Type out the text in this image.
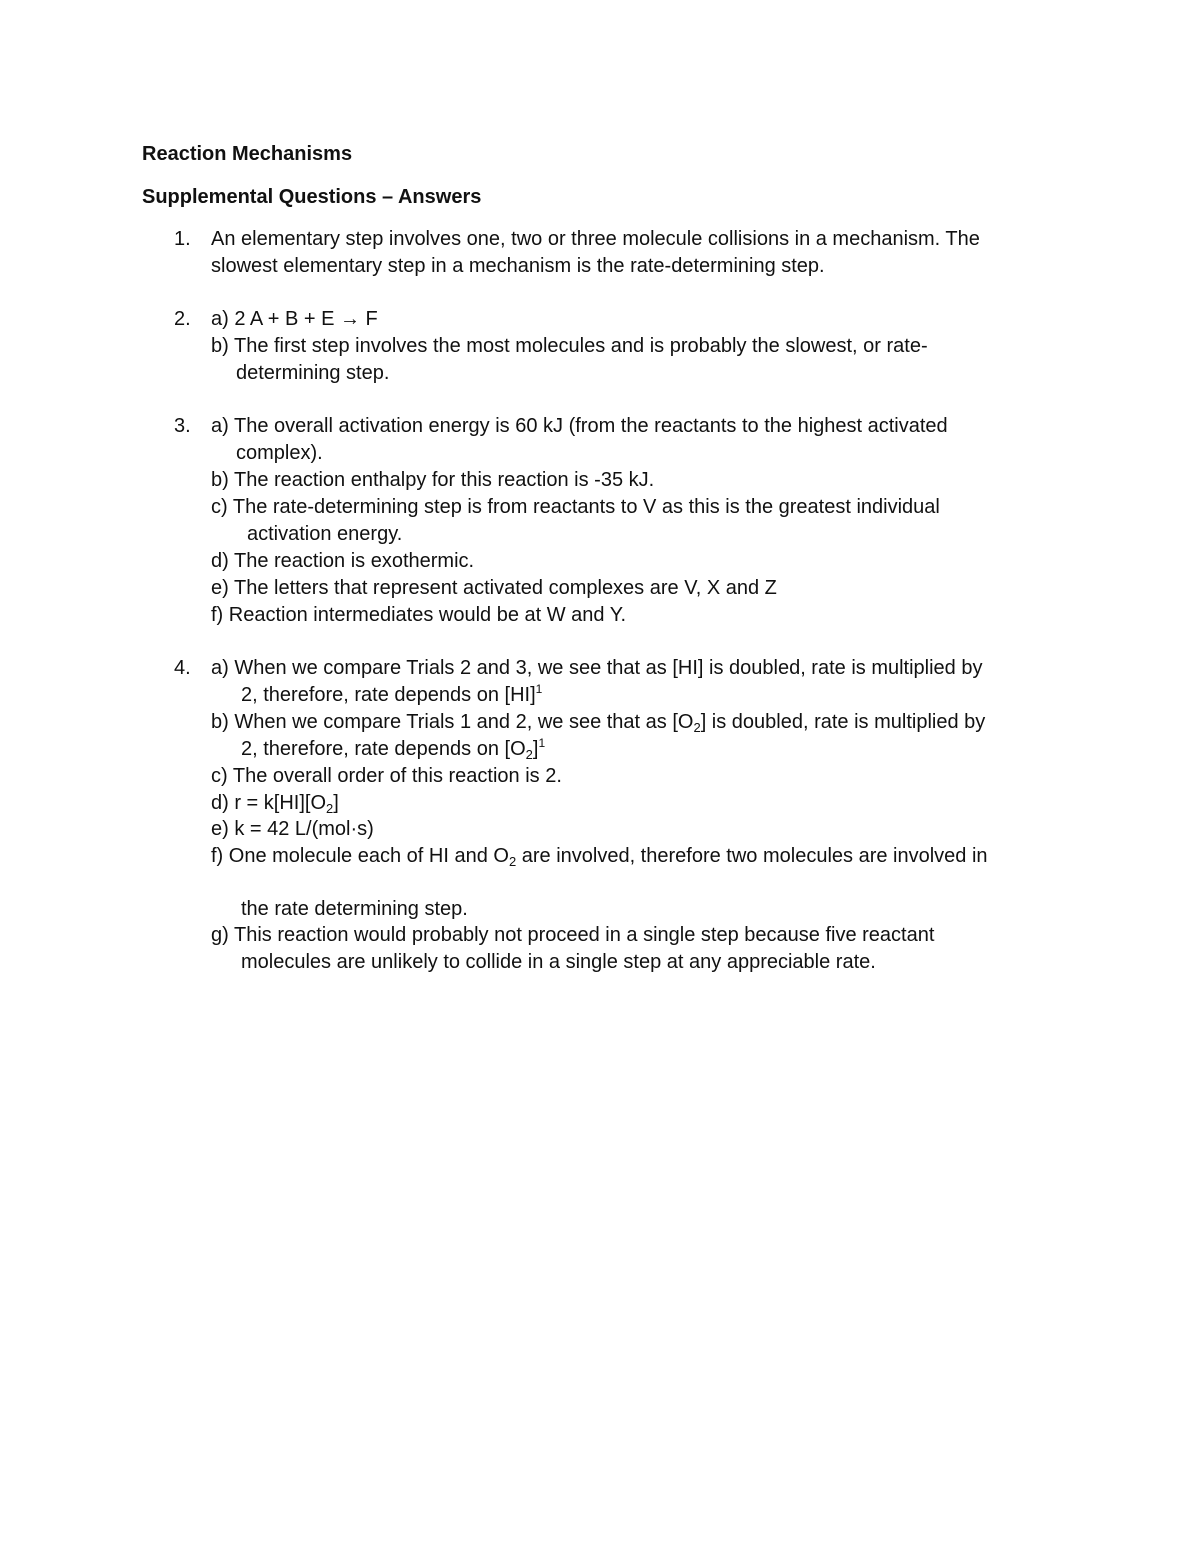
Reaction Mechanisms
Supplemental Questions – Answers
1. An elementary step involves one, two or three molecule collisions in a mechanism. The
slowest elementary step in a mechanism is the rate-determining step.
2. a) 2 A + B + E → F
b) The first step involves the most molecules and is probably the slowest, or rate-
determining step.
3. a) The overall activation energy is 60 kJ (from the reactants to the highest activated
complex).
b) The reaction enthalpy for this reaction is -35 kJ.
c) The rate-determining step is from reactants to V as this is the greatest individual
activation energy.
d) The reaction is exothermic.
e) The letters that represent activated complexes are V, X and Z
f) Reaction intermediates would be at W and Y.
4. a) When we compare Trials 2 and 3, we see that as [HI] is doubled, rate is multiplied by
2, therefore, rate depends on [HI]$^1$
b) When we compare Trials 1 and 2, we see that as $[O_2]$ is doubled, rate is multiplied by
2, therefore, rate depends on $[O_2]^1$
c) The overall order of this reaction is 2.
d) $r = k[HI][O_2]$
e) k = 42 L/(mol·s)
f) One molecule each of HI and $O_2$ are involved, therefore two molecules are involved in
the rate determining step.
g) This reaction would probably not proceed in a single step because five reactant
molecules are unlikely to collide in a single step at any appreciable rate.
